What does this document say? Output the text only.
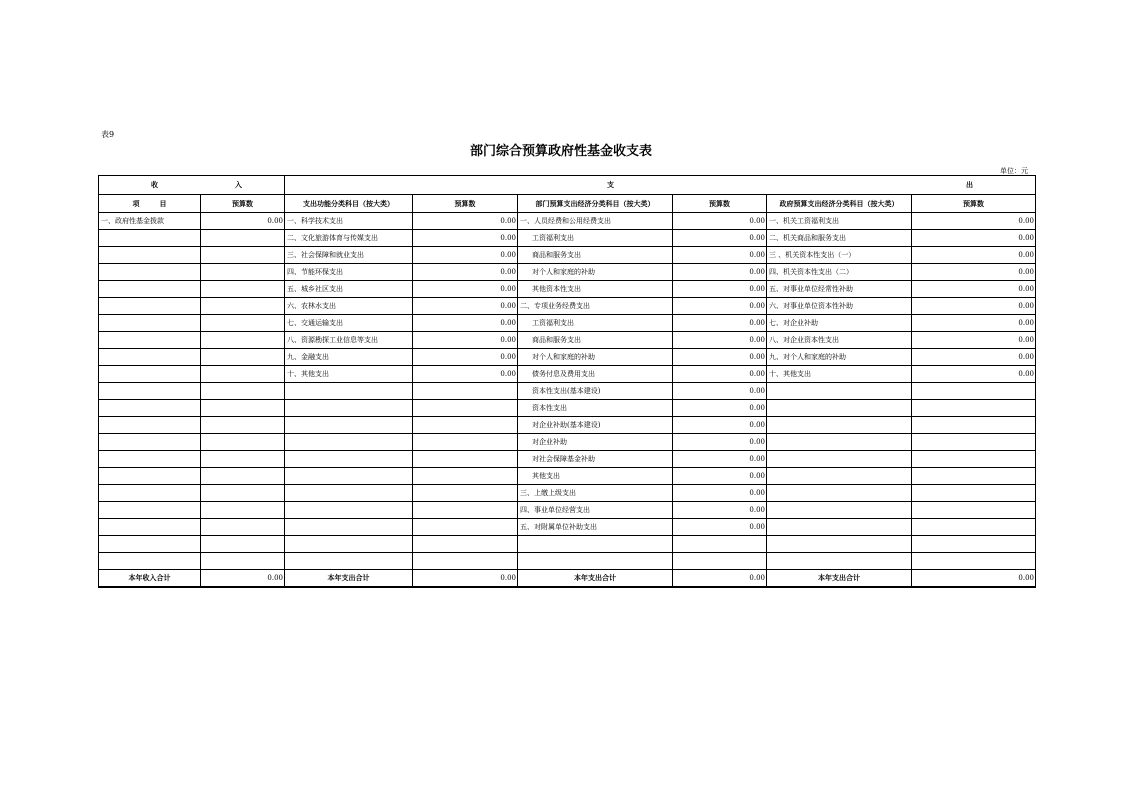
表9
部门综合预算政府性基金收支表
单位：元
收 入		支 出					

项 目	预算数	支出功能分类科目（按大类）	预算数	部门预算支出经济分类科目（按大类）	预算数	政府预算支出经济分类科目（按大类）	预算数
一、政府性基金拨款	0.00	一、科学技术支出	0.00	一、人员经费和公用经费支出	0.00	一、机关工资福利支出	0.00
		二、文化旅游体育与传媒支出	0.00	工资福利支出	0.00	二、机关商品和服务支出	0.00
		三、社会保障和就业支出	0.00	商品和服务支出	0.00	三 、机关资本性支出（一）	0.00
		四、节能环保支出	0.00	对个人和家庭的补助	0.00	四、机关资本性支出（二）	0.00
		五、城乡社区支出	0.00	其他资本性支出	0.00	五、对事业单位经常性补助	0.00
		六、农林水支出	0.00	二、专项业务经费支出	0.00	六、对事业单位资本性补助	0.00
		七、交通运输支出	0.00	工资福利支出	0.00	七、对企业补助	0.00
		八、资源勘探工业信息等支出	0.00	商品和服务支出	0.00	八、对企业资本性支出	0.00
		九、金融支出	0.00	对个人和家庭的补助	0.00	九、对个人和家庭的补助	0.00
		十、其他支出	0.00	债务付息及费用支出	0.00	十、其他支出	0.00
				资本性支出(基本建设)	0.00		
				资本性支出	0.00		
				对企业补助(基本建设)	0.00		
				对企业补助	0.00		
				对社会保障基金补助	0.00		
				其他支出	0.00		
				三、上缴上级支出	0.00		
				四、事业单位经营支出	0.00		
				五、对附属单位补助支出	0.00		

本年收入合计	0.00	本年支出合计	0.00	本年支出合计	0.00	本年支出合计	0.00
